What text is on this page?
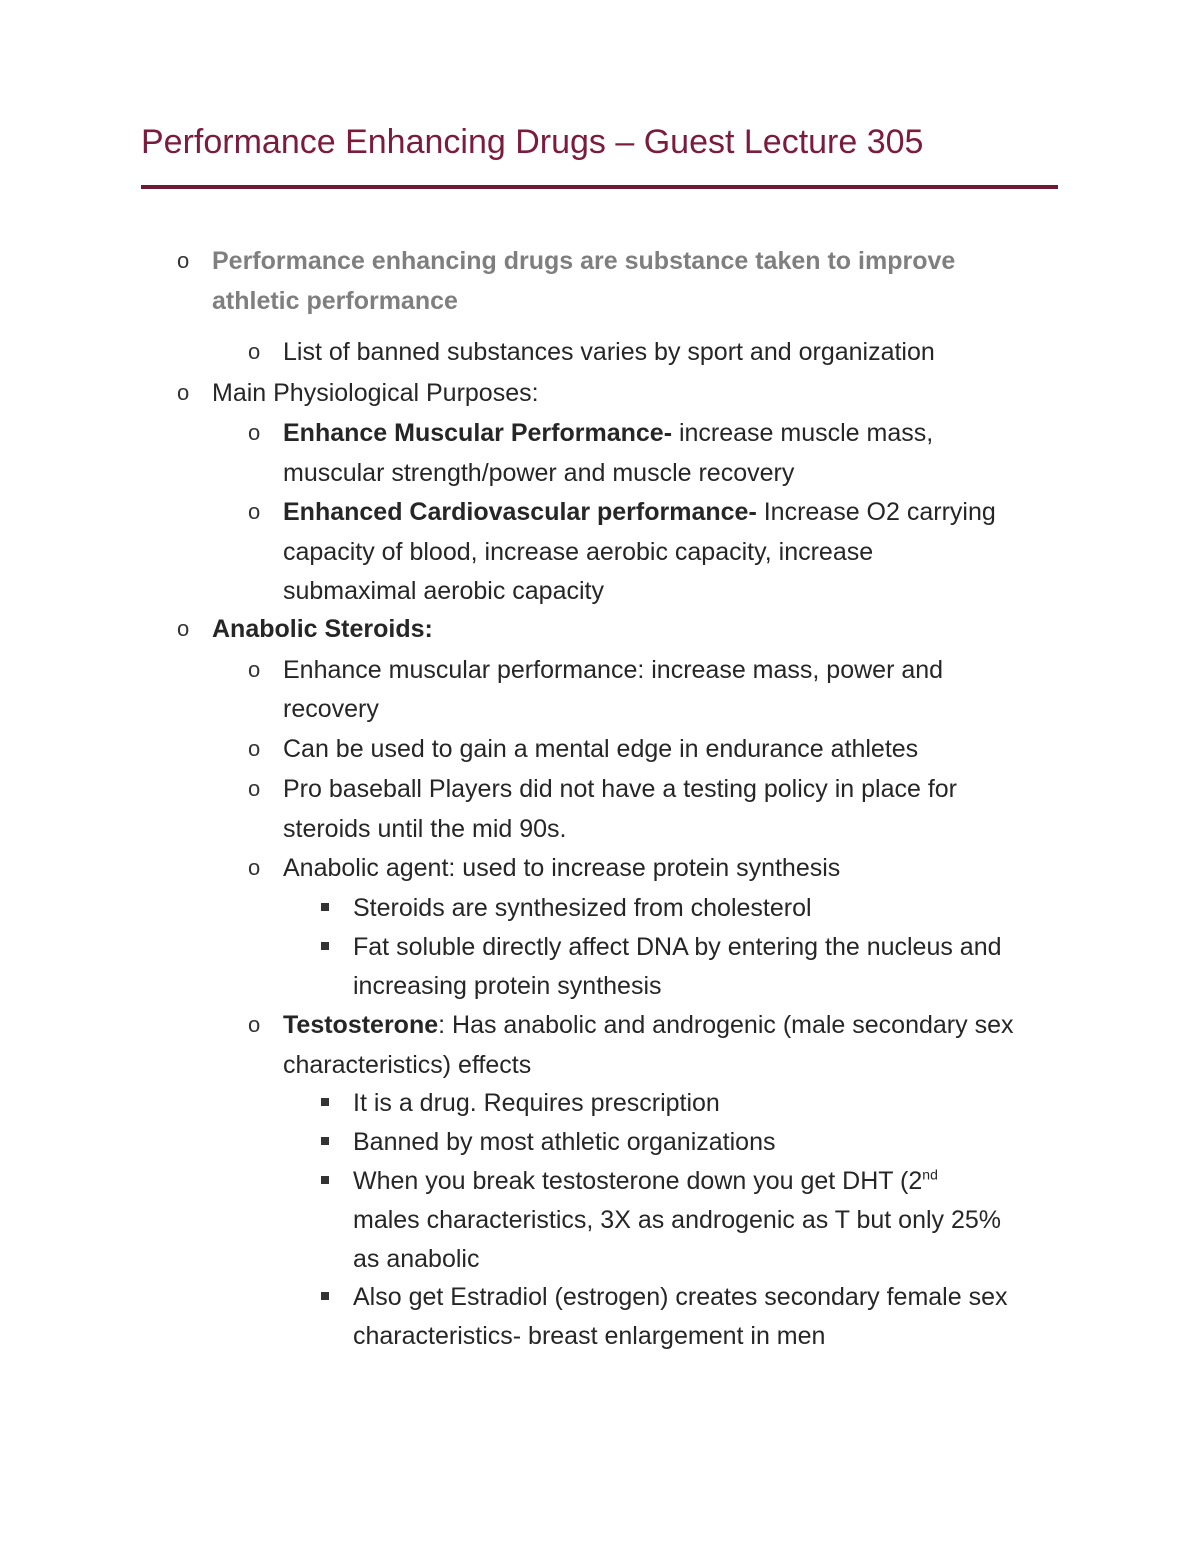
Performance Enhancing Drugs – Guest Lecture 305
o Performance enhancing drugs are substance taken to improve
athletic performance
o List of banned substances varies by sport and organization
o Main Physiological Purposes:
o Enhance Muscular Performance- increase muscle mass,
muscular strength/power and muscle recovery
o Enhanced Cardiovascular performance- Increase O2 carrying
capacity of blood, increase aerobic capacity, increase
submaximal aerobic capacity
o Anabolic Steroids:
o Enhance muscular performance: increase mass, power and
recovery
o Can be used to gain a mental edge in endurance athletes
o Pro baseball Players did not have a testing policy in place for
steroids until the mid 90s.
o Anabolic agent: used to increase protein synthesis
Steroids are synthesized from cholesterol
Fat soluble directly affect DNA by entering the nucleus and
increasing protein synthesis
o Testosterone: Has anabolic and androgenic (male secondary sex
characteristics) effects
It is a drug. Requires prescription
Banned by most athletic organizations
When you break testosterone down you get DHT (2nd
males characteristics, 3X as androgenic as T but only 25%
as anabolic
Also get Estradiol (estrogen) creates secondary female sex
characteristics- breast enlargement in men
